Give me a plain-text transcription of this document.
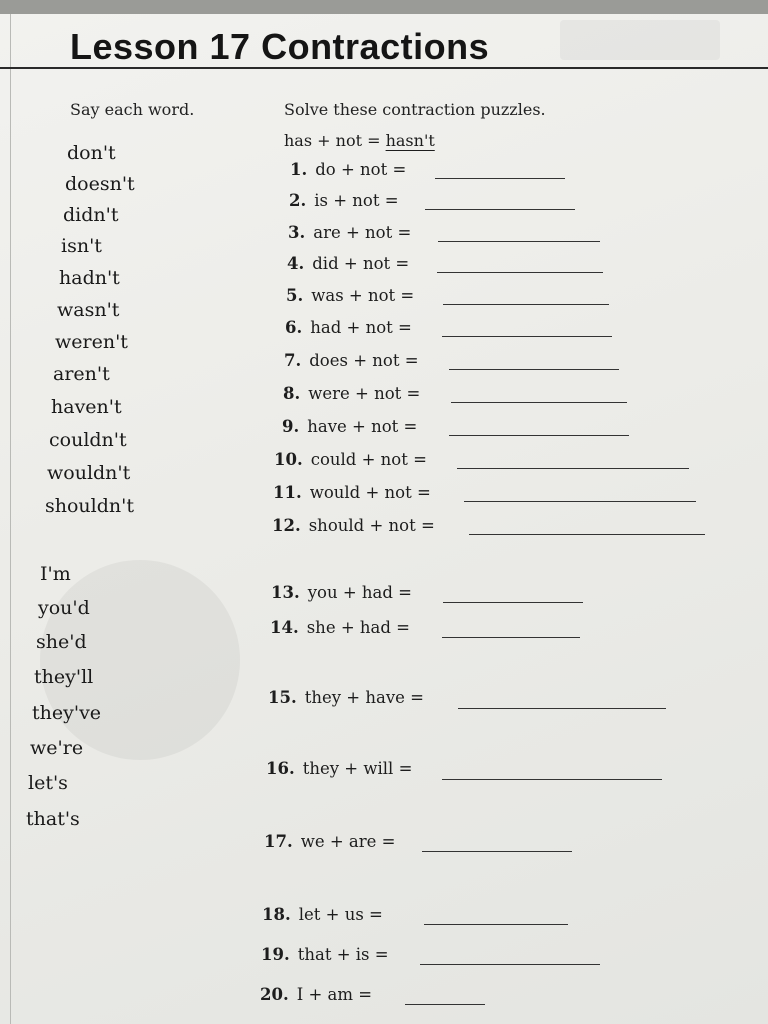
Lesson 17 Contractions
Say each word.	Solve these contraction puzzles.
has + not = hasn't
don't
doesn't
didn't
isn't
hadn't
wasn't
weren't
aren't
haven't
couldn't
wouldn't
shouldn't
I'm
you'd
she'd
they'll
they've
we're
let's
that's
1. do + not =
2. is + not =
3. are + not =
4. did + not =
5. was + not =
6. had + not =
7. does + not =
8. were + not =
9. have + not =
10. could + not =
11. would + not =
12. should + not =
13. you + had =
14. she + had =
15. they + have =
16. they + will =
17. we + are =
18. let + us =
19. that + is =
20. I + am =
